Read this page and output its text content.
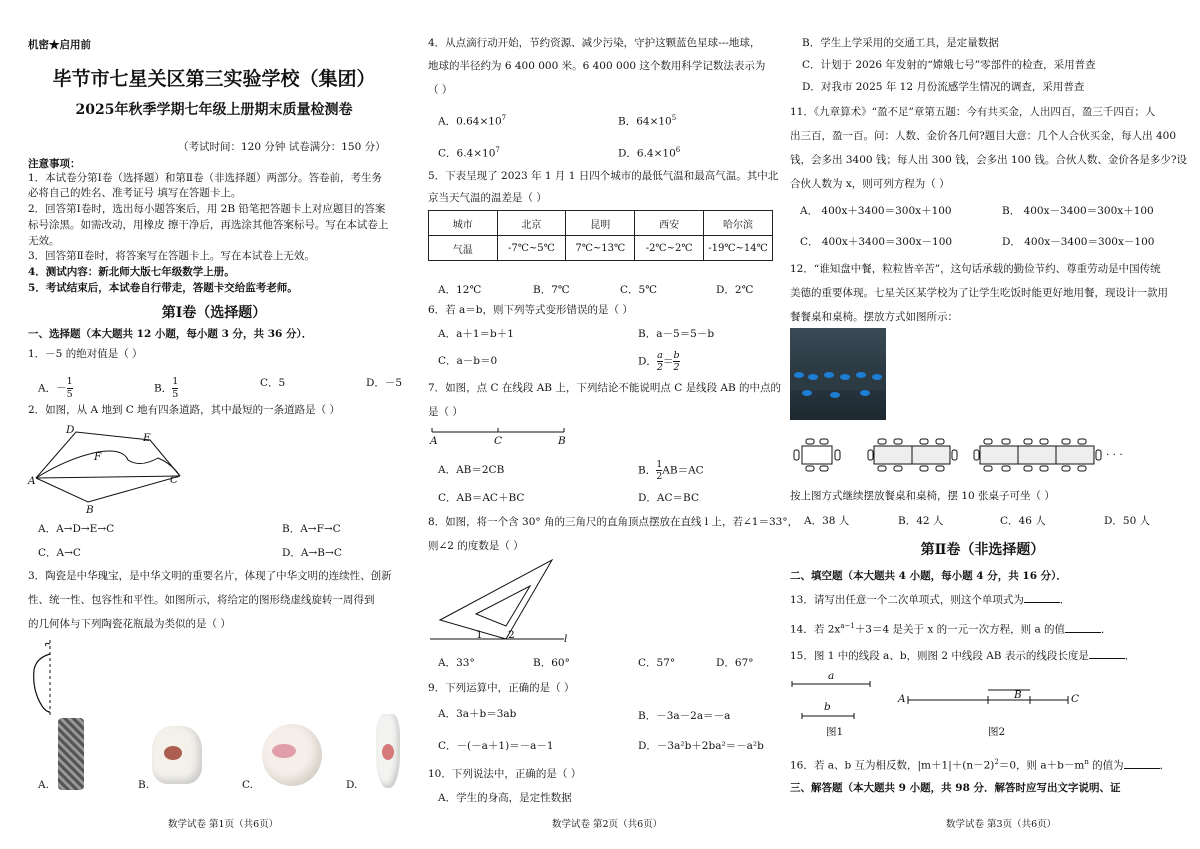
机密★启用前
毕节市七星关区第三实验学校（集团）
2025年秋季学期七年级上册期末质量检测卷
（考试时间：120 分钟 试卷满分：150 分）
注意事项：
1．本试卷分第Ⅰ卷（选择题）和第Ⅱ卷（非选择题）两部分。答卷前，考生务
必将自己的姓名、准考证号 填写在答题卡上。
2．回答第Ⅰ卷时，选出每小题答案后，用 2B 铅笔把答题卡上对应题目的答案
标号涂黑。如需改动，用橡皮 擦干净后，再选涂其他答案标号。写在本试卷上
无效。
3．回答第Ⅱ卷时，将答案写在答题卡上。写在本试卷上无效。
4．测试内容：新北师大版七年级数学上册。
5．考试结束后，本试卷自行带走，答题卡交给监考老师。
第Ⅰ卷（选择题）
一、选择题（本大题共 12 小题，每小题 3 分，共 36 分）．
1．－5 的绝对值是（ ）
A．－ $\frac{1}{5}$	B． $\frac{1}{5}$	C．5	D．－5
2．如图，从 A 地到 C 地有四条道路，其中最短的一条道路是（ ）
D
E
F
A
B
C
A．A→D→E→C	B．A→F→C
C．A→C	D．A→B→C
3．陶瓷是中华瑰宝，是中华文明的重要名片，体现了中华文明的连续性、创新
性、统一性、包容性和平性。如图所示，将给定的图形绕虚线旋转一周得到
的几何体与下列陶瓷花瓶最为类似的是（ ）
A.	B.	C.	D.
数学试卷 第1页（共6页）
4．从点滴行动开始，节约资源、减少污染，守护这颗蓝色星球---地球，
地球的半径约为 6 400 000 米。6 400 000 这个数用科学记数法表示为
（ ）
A．$0.64\times 10^7$	B．$64\times 10^5$
C．$6.4\times 10^7$	D．$6.4\times 10^6$
5．下表呈现了 2023 年 1 月 1 日四个城市的最低气温和最高气温。其中北
京当天气温的温差是（ ）
城市	北京	昆明	西安	哈尔滨
气温	-7℃~5℃	7℃~13℃	-2℃~2℃	-19℃~14℃
A．12℃	B．7℃	C．5℃	D．2℃
6．若 a＝b，则下列等式变形错误的是（ ）
A．a＋1＝b＋1	B．a－5＝5－b
C．a－b＝0	D． $\frac{a}{2} = \frac{b}{2}$
7．如图，点 C 在线段 AB 上，下列结论不能说明点 C 是线段 AB 的中点的
是（ ）
A	C	B
A．AB＝2CB	B． $\frac{1}{2} AB=AC$
C．AB＝AC＋BC	D．AC＝BC
8．如图，将一个含 30° 角的三角尺的直角顶点摆放在直线 l 上，若∠1＝33°，
则∠2 的度数是（ ）
1 2	l
A．33°	B．60°	C．57°	D．67°
9．下列运算中，正确的是（ ）
A．3a＋b＝3ab	B．－3a－2a＝－a
C．－(－a＋1)＝－a－1	D．－3a²b＋2ba²＝－a²b
10．下列说法中，正确的是（ ）
A．学生的身高，是定性数据
数学试卷 第2页（共6页）
B．学生上学采用的交通工具，是定量数据
C．计划于 2026 年发射的“嫦娥七号”零部件的检查，采用普查
D．对我市 2025 年 12 月份流感学生情况的调查，采用普查
11．《九章算术》“盈不足”章第五题：今有共买金，人出四百，盈三千四百；人
出三百，盈一百。问：人数、金价各几何?题目大意：几个人合伙买金，每人出 400
钱，会多出 3400 钱；每人出 300 钱，会多出 100 钱。合伙人数、金价各是多少?设
合伙人数为 x，则可列方程为（ ）
A． 400x＋3400＝300x＋100	B． 400x－3400＝300x＋100
C． 400x＋3400＝300x－100	D． 400x－3400＝300x－100
12．“谁知盘中餐，粒粒皆辛苦”，这句话承载的勤俭节约、尊重劳动是中国传统
美德的重要体现。七星关区某学校为了让学生吃饭时能更好地用餐，现设计一款用
餐餐桌和桌椅。摆放方式如图所示：
· · ·
按上图方式继续摆放餐桌和桌椅，摆 10 张桌子可坐（ ）
A．38 人	B．42 人	C．46 人	D．50 人
第Ⅱ卷（非选择题）
二、填空题（本大题共 4 小题，每小题 4 分，共 16 分）．
13．请写出任意一个二次单项式，则这个单项式为	．
14．若 $2x^{a-1}+3=4$ 是关于 x 的一元一次方程，则 a 的值	．
15．图 1 中的线段 a、b，则图 2 中线段 AB 表示的线段长度是	．
a
b
A	B	C
图1	图2
16．若 a、b 互为相反数，$|m+1|+(n-2)^2=0$，则 $a+b-m^n$ 的值为	．
三、解答题（本大题共 9 小题，共 98 分．解答时应写出文字说明、证
数学试卷 第3页（共6页）
